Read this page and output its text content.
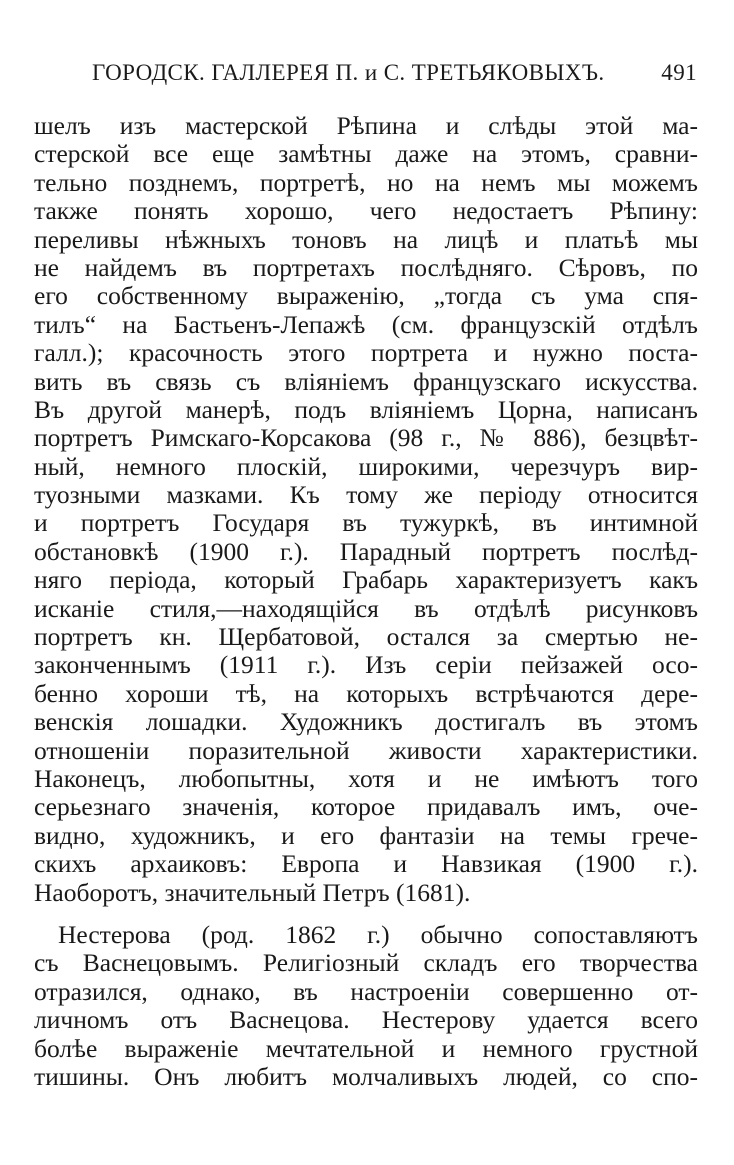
ГОРОДСК. ГАЛЛЕРЕЯ П. и С. ТРЕТЬЯКОВЫХЪ. 491
шелъ изъ мастерской Рѣпина и слѣды этой ма-
стерской все еще замѣтны даже на этомъ, сравни-
тельно позднемъ, портретѣ, но на немъ мы можемъ
также понять хорошо, чего недостаетъ Рѣпину:
переливы нѣжныхъ тоновъ на лицѣ и платьѣ мы
не найдемъ въ портретахъ послѣдняго. Сѣровъ, по
его собственному выраженію, „тогда съ ума спя-
тилъ“ на Бастьенъ-Лепажѣ (см. французскій отдѣлъ
галл.); красочность этого портрета и нужно поста-
вить въ связь съ вліяніемъ французскаго искусства.
Въ другой манерѣ, подъ вліяніемъ Цорна, написанъ
портретъ Римскаго-Корсакова (98 г., № 886), безцвѣт-
ный, немного плоскій, широкими, черезчуръ вир-
туозными мазками. Къ тому же періоду относится
и портретъ Государя въ тужуркѣ, въ интимной
обстановкѣ (1900 г.). Парадный портретъ послѣд-
няго періода, который Грабарь характеризуетъ какъ
исканіе стиля,—находящійся въ отдѣлѣ рисунковъ
портретъ кн. Щербатовой, остался за смертью не-
законченнымъ (1911 г.). Изъ серіи пейзажей осо-
бенно хороши тѣ, на которыхъ встрѣчаются дере-
венскія лошадки. Художникъ достигалъ въ этомъ
отношеніи поразительной живости характеристики.
Наконецъ, любопытны, хотя и не имѣютъ того
серьезнаго значенія, которое придавалъ имъ, оче-
видно, художникъ, и его фантазіи на темы грече-
скихъ архаиковъ: Европа и Навзикая (1900 г.).
Наоборотъ, значительный Петръ (1681).
Нестерова (род. 1862 г.) обычно сопоставляютъ
съ Васнецовымъ. Религіозный складъ его творчества
отразился, однако, въ настроеніи совершенно от-
личномъ отъ Васнецова. Нестерову удается всего
болѣе выраженіе мечтательной и немного грустной
тишины. Онъ любитъ молчаливыхъ людей, со спо-
